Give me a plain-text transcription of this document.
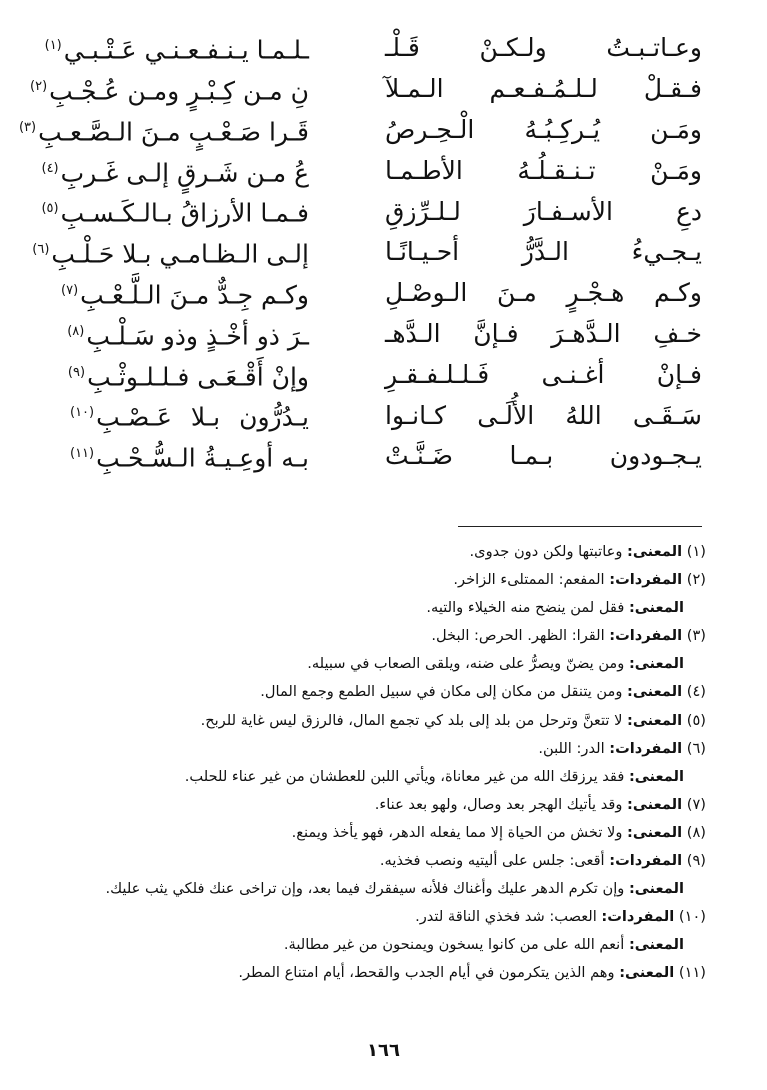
وعـاتـبـتُ ولـكـنْ قَـلْـ
ـلـمـا يـنـفـعـنـي عَـتْـبـي$^{(١)}$
فـقـلْ لـلـمُـفـعـم الـمـلآ
نِ مـن كِـبْـرٍ ومـن عُـجْـبِ$^{(٢)}$
ومَـن يُـركِـبُـهُ الْـحِـرصُ
قَـرا صَـعْـبٍ مـنَ الـصَّـعـبِ$^{(٣)}$
ومَـنْ تـنـقـلُـهُ الأطـمـا
عُ مـن شَـرقٍ إلـى غَـربِ$^{(٤)}$
دعِ الأسـفـارَ لـلـرِّزقِ
فـمـا الأرزاقُ بـالـكَـسـبِ$^{(٥)}$
يـجـيءُ الـدَّرُّ أحـيـانًـا
إلـى الـظـامـي بـلا حَـلْـبِ$^{(٦)}$
وكـم هـجْـرٍ مـنَ الـوصْـلِ
وكـم جِـدٌّ مـنَ الـلَّـعْـبِ$^{(٧)}$
خـفِ الـدَّهـرَ فـإنَّ الـدَّهـ
ـرَ ذو أخْـذٍ وذو سَـلْـبِ$^{(٨)}$
فـإنْ أغـنـى فَـلـلـفـقـرِ
وإنْ أَقْـعَـى فـلـلـوثْـبِ$^{(٩)}$
سَـقَـى اللهُ الأُلَـى كـانـوا
يـدُرُّون بـلا عَـصْـبِ$^{(١٠)}$
يـجـودون بـمـا ضَـنَّـتْ
بـه أوعِـيـةُ الـسُّـحْـبِ$^{(١١)}$
(١) المعنى: وعاتبتها ولكن دون جدوى.
(٢) المفردات: المفعم: الممتلىء الزاخر.
المعنى: فقل لمن ينضح منه الخيلاء والتيه.
(٣) المفردات: القرا: الظهر. الحرص: البخل.
المعنى: ومن يضنّ ويصرُّ على ضنه، ويلقى الصعاب في سبيله.
(٤) المعنى: ومن يتنقل من مكان إلى مكان في سبيل الطمع وجمع المال.
(٥) المعنى: لا تتعنَّ وترحل من بلد إلى بلد كي تجمع المال، فالرزق ليس غاية للربح.
(٦) المفردات: الدر: اللبن.
المعنى: فقد يرزقك الله من غير معاناة، ويأتي اللبن للعطشان من غير عناء للحلب.
(٧) المعنى: وقد يأتيك الهجر بعد وصال، ولهو بعد عناء.
(٨) المعنى: ولا تخش من الحياة إلا مما يفعله الدهر، فهو يأخذ ويمنع.
(٩) المفردات: أقعى: جلس على أليتيه ونصب فخذيه.
المعنى: وإن تكرم الدهر عليك وأغناك فلأنه سيفقرك فيما بعد، وإن تراخى عنك فلكي يثب عليك.
(١٠) المفردات: العصب: شد فخذي الناقة لتدر.
المعنى: أنعم الله على من كانوا يسخون ويمنحون من غير مطالبة.
(١١) المعنى: وهم الذين يتكرمون في أيام الجدب والقحط، أيام امتناع المطر.
١٦٦
